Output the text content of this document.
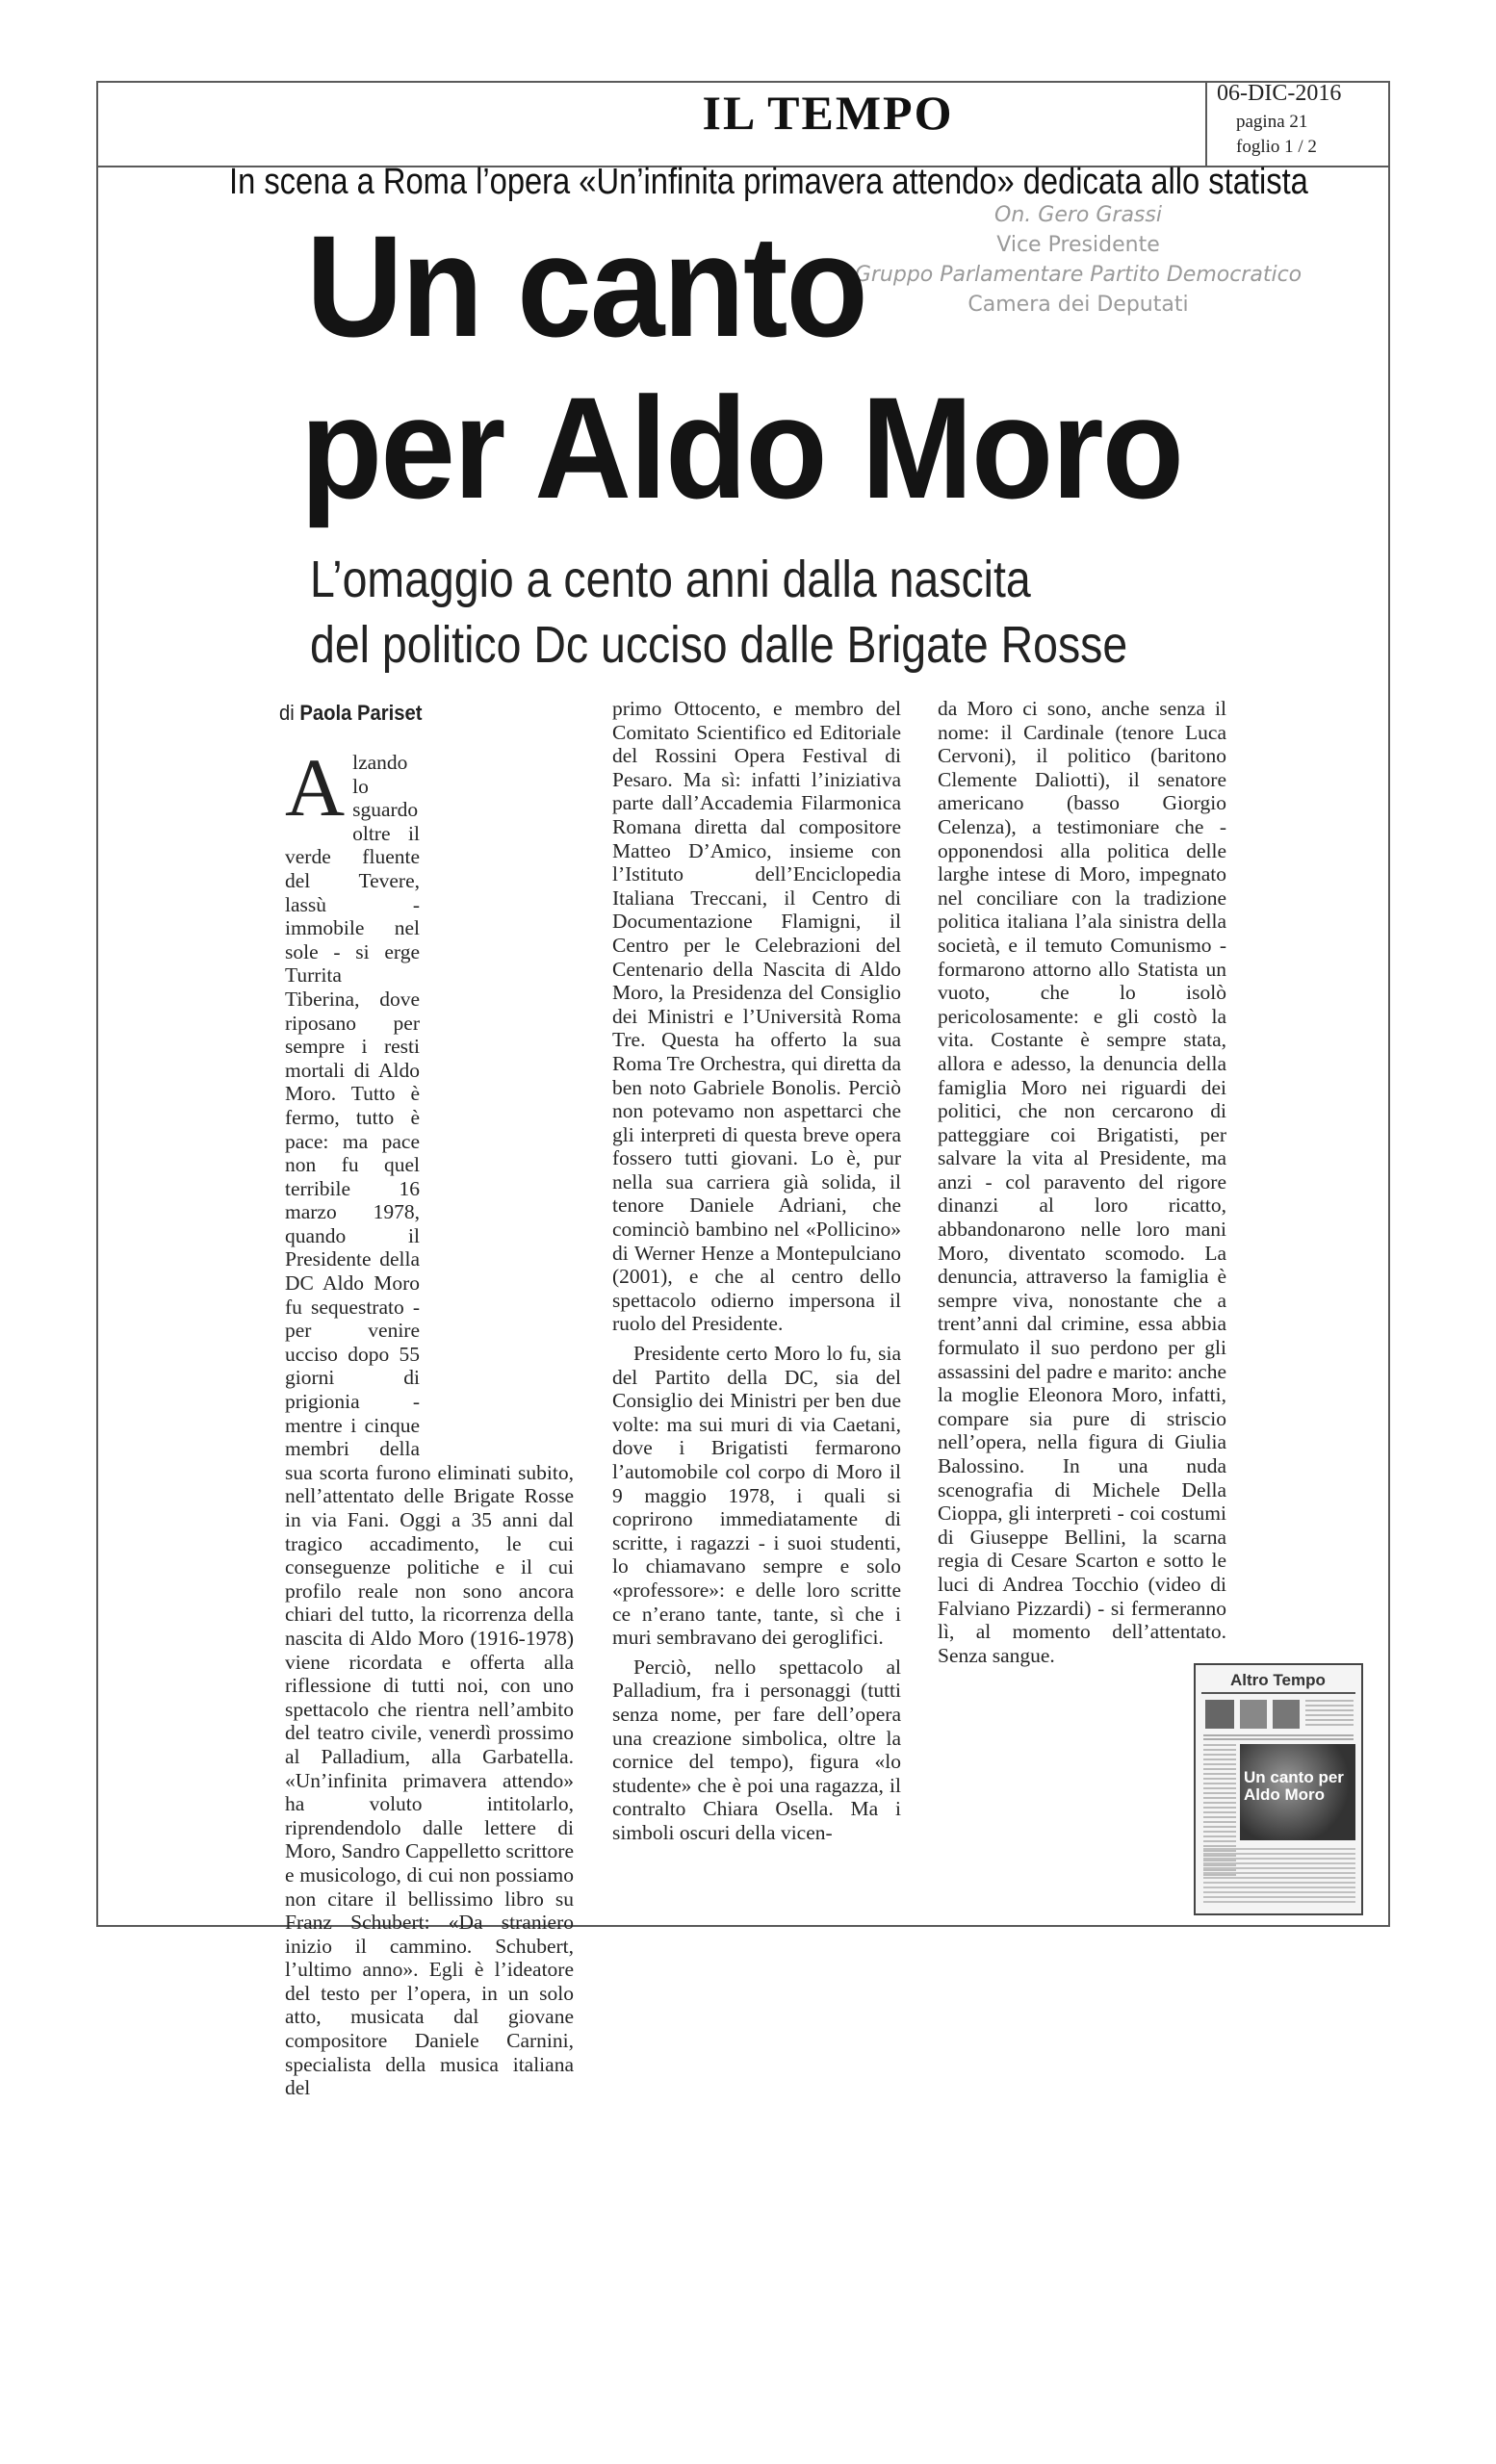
IL TEMPO	06-DIC-2016
pagina 21
foglio 1 / 2
In scena a Roma l’opera «Un’infinita primavera attendo» dedicata allo statista
On. Gero Grassi
Vice Presidente
Gruppo Parlamentare Partito Democratico
Camera dei Deputati
Un canto
per Aldo Moro
L’omaggio a cento anni dalla nascita
del politico Dc ucciso dalle Brigate Rosse
di Paola Pariset

Alzando lo sguardo oltre il verde fluente del Tevere, lassù - immobile nel sole - si erge Turrita Tiberina, dove riposano per sempre i resti mortali di Aldo Moro. Tutto è fermo, tutto è pace: ma pace non fu quel terribile 16 marzo 1978, quando il Presidente della DC Aldo Moro fu sequestrato - per venire ucciso dopo 55 giorni di prigionia - mentre i cinque membri della sua scorta furono eliminati subito, nell’attentato delle Brigate Rosse in via Fani. Oggi a 35 anni dal tragico accadimento, le cui conseguenze politiche e il cui profilo reale non sono ancora chiari del tutto, la ricorrenza della nascita di Aldo Moro (1916-1978) viene ricordata e offerta alla riflessione di tutti noi, con uno spettacolo che rientra nell’ambito del teatro civile, venerdì prossimo al Palladium, alla Garbatella. «Un’infinita primavera attendo» ha voluto intitolarlo, riprendendolo dalle lettere di Moro, Sandro Cappelletto scrittore e musicologo, di cui non possiamo non citare il bellissimo libro su Franz Schubert: «Da straniero inizio il cammino. Schubert, l’ultimo anno». Egli è l’ideatore del testo per l’opera, in un solo atto, musicata dal giovane compositore Daniele Carnini, specialista della musica italiana del

primo Ottocento, e membro del Comitato Scientifico ed Editoriale del Rossini Opera Festival di Pesaro. Ma sì: infatti l’iniziativa parte dall’Accademia Filarmonica Romana diretta dal compositore Matteo D’Amico, insieme con l’Istituto dell’Enciclopedia Italiana Treccani, il Centro di Documentazione Flamigni, il Centro per le Celebrazioni del Centenario della Nascita di Aldo Moro, la Presidenza del Consiglio dei Ministri e l’Università Roma Tre. Questa ha offerto la sua Roma Tre Orchestra, qui diretta da ben noto Gabriele Bonolis. Perciò non potevamo non aspettarci che gli interpreti di questa breve opera fossero tutti giovani. Lo è, pur nella sua carriera già solida, il tenore Daniele Adriani, che cominciò bambino nel «Pollicino» di Werner Henze a Montepulciano (2001), e che al centro dello spettacolo odierno impersona il ruolo del Presidente.

Presidente certo Moro lo fu, sia del Partito della DC, sia del Consiglio dei Ministri per ben due volte: ma sui muri di via Caetani, dove i Brigatisti fermarono l’automobile col corpo di Moro il 9 maggio 1978, i quali si coprirono immediatamente di scritte, i ragazzi - i suoi studenti, lo chiamavano sempre e solo «professore»: e delle loro scritte ce n’erano tante, tante, sì che i muri sembravano dei geroglifici.

Perciò, nello spettacolo al Palladium, fra i personaggi (tutti senza nome, per fare dell’opera una creazione simbolica, oltre la cornice del tempo), figura «lo studente» che è poi una ragazza, il contralto Chiara Osella. Ma i simboli oscuri della vicen-

da Moro ci sono, anche senza il nome: il Cardinale (tenore Luca Cervoni), il politico (baritono Clemente Daliotti), il senatore americano (basso Giorgio Celenza), a testimoniare che - opponendosi alla politica delle larghe intese di Moro, impegnato nel conciliare con la tradizione politica italiana l’ala sinistra della società, e il temuto Comunismo - formarono attorno allo Statista un vuoto, che lo isolò pericolosamente: e gli costò la vita. Costante è sempre stata, allora e adesso, la denuncia della famiglia Moro nei riguardi dei politici, che non cercarono di patteggiare coi Brigatisti, per salvare la vita al Presidente, ma anzi - col paravento del rigore dinanzi al loro ricatto, abbandonarono nelle loro mani Moro, diventato scomodo. La denuncia, attraverso la famiglia è sempre viva, nonostante che a trent’anni dal crimine, essa abbia formulato il suo perdono per gli assassini del padre e marito: anche la moglie Eleonora Moro, infatti, compare sia pure di striscio nell’opera, nella figura di Giulia Balossino. In una nuda scenografia di Michele Della Cioppa, gli interpreti - coi costumi di Giuseppe Bellini, la scarna regia di Cesare Scarton e sotto le luci di Andrea Tocchio (video di Falviano Pizzardi) - si fermeranno lì, al momento dell’attentato. Senza sangue.

Altro Tempo
Un canto per Aldo Moro
